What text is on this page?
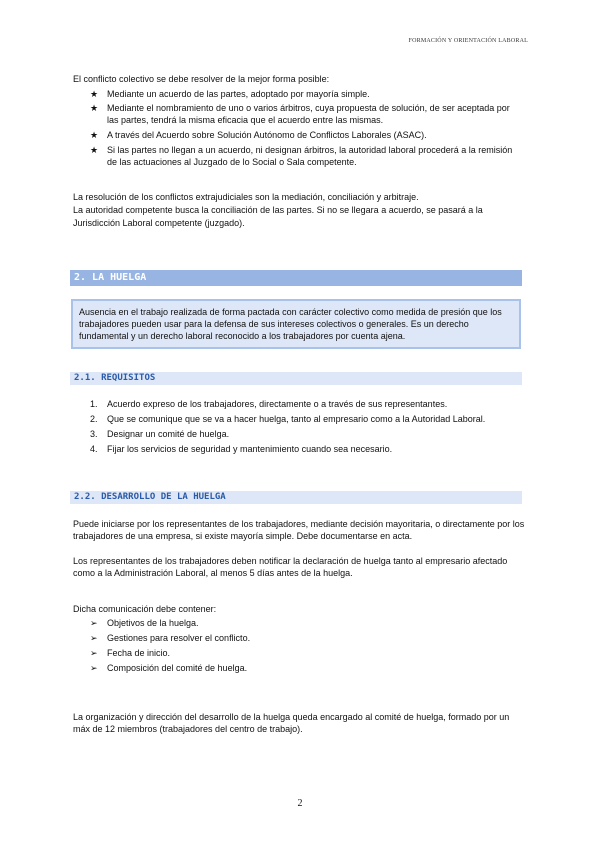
FORMACIÓN Y ORIENTACIÓN LABORAL
El conflicto colectivo se debe resolver de la mejor forma posible:
★ Mediante un acuerdo de las partes, adoptado por mayoría simple.
★ Mediante el nombramiento de uno o varios árbitros, cuya propuesta de solución, de ser aceptada por
las partes, tendrá la misma eficacia que el acuerdo entre las mismas.
★ A través del Acuerdo sobre Solución Autónomo de Conflictos Laborales (ASAC).
★ Si las partes no llegan a un acuerdo, ni designan árbitros, la autoridad laboral procederá a la remisión
de las actuaciones al Juzgado de lo Social o Sala competente.
La resolución de los conflictos extrajudiciales son la mediación, conciliación y arbitraje.
La autoridad competente busca la conciliación de las partes. Si no se llegara a acuerdo, se pasará a la
Jurisdicción Laboral competente (juzgado).
2. LA HUELGA
Ausencia en el trabajo realizada de forma pactada con carácter colectivo como medida de presión que los
trabajadores pueden usar para la defensa de sus intereses colectivos o generales. Es un derecho
fundamental y un derecho laboral reconocido a los trabajadores por cuenta ajena.
2.1. REQUISITOS
1. Acuerdo expreso de los trabajadores, directamente o a través de sus representantes.
2. Que se comunique que se va a hacer huelga, tanto al empresario como a la Autoridad Laboral.
3. Designar un comité de huelga.
4. Fijar los servicios de seguridad y mantenimiento cuando sea necesario.
2.2. DESARROLLO DE LA HUELGA
Puede iniciarse por los representantes de los trabajadores, mediante decisión mayoritaria, o directamente por los
trabajadores de una empresa, si existe mayoría simple. Debe documentarse en acta.
Los representantes de los trabajadores deben notificar la declaración de huelga tanto al empresario afectado
como a la Administración Laboral, al menos 5 días antes de la huelga.
Dicha comunicación debe contener:
➢ Objetivos de la huelga.
➢ Gestiones para resolver el conflicto.
➢ Fecha de inicio.
➢ Composición del comité de huelga.
La organización y dirección del desarrollo de la huelga queda encargado al comité de huelga, formado por un
máx de 12 miembros (trabajadores del centro de trabajo).
2
